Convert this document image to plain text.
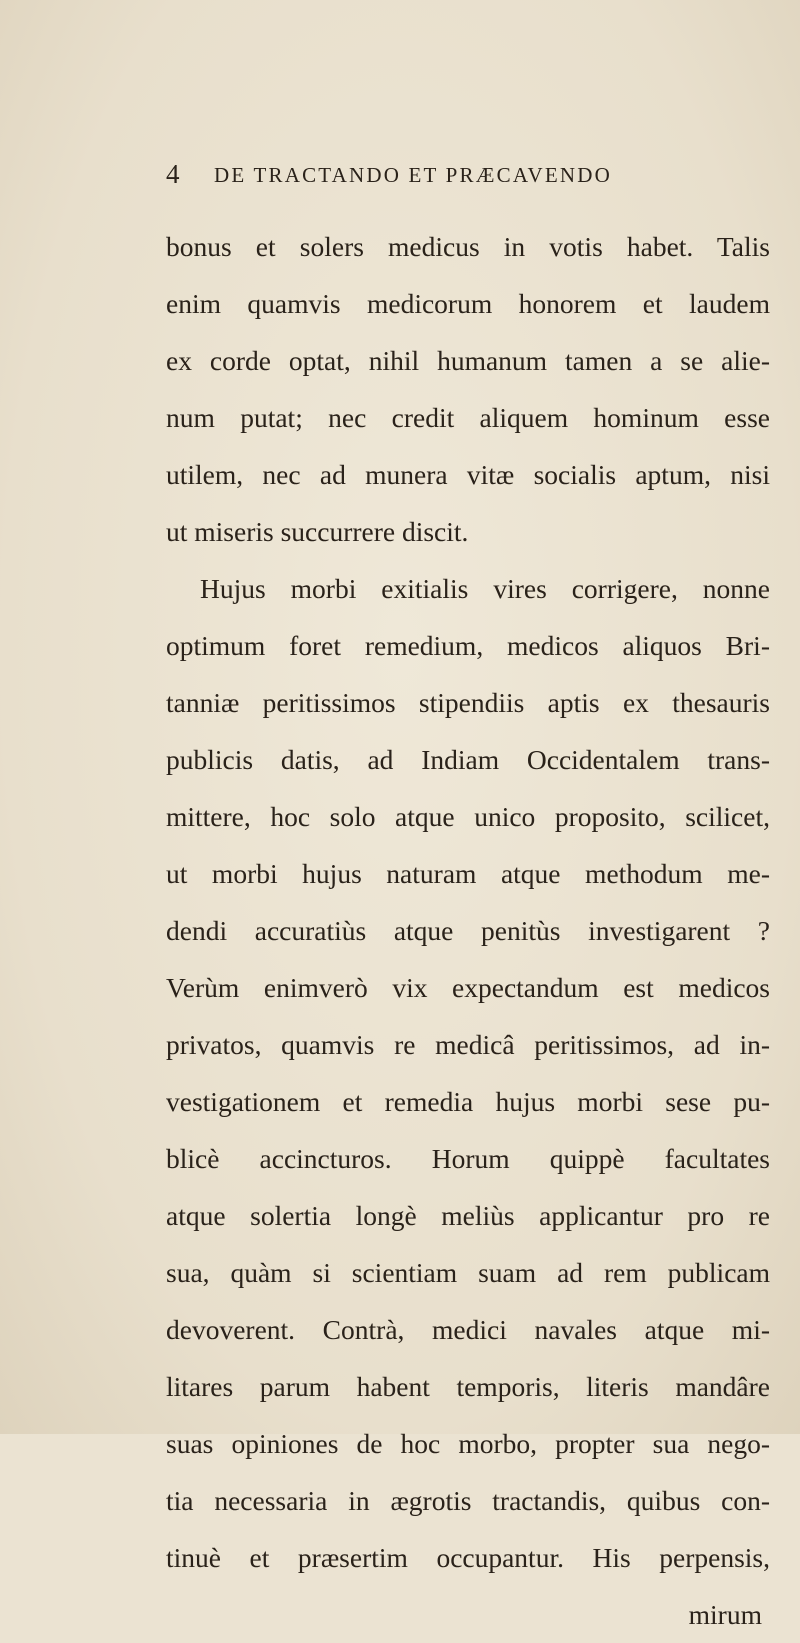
4 DE TRACTANDO ET PRÆCAVENDO
bonus et solers medicus in votis habet. Talis
enim quamvis medicorum honorem et laudem
ex corde optat, nihil humanum tamen a se alie-
num putat; nec credit aliquem hominum esse
utilem, nec ad munera vitæ socialis aptum, nisi
ut miseris succurrere discit.
Hujus morbi exitialis vires corrigere, nonne
optimum foret remedium, medicos aliquos Bri-
tanniæ peritissimos stipendiis aptis ex thesauris
publicis datis, ad Indiam Occidentalem trans-
mittere, hoc solo atque unico proposito, scilicet,
ut morbi hujus naturam atque methodum me-
dendi accuratiùs atque penitùs investigarent ?
Verùm enimverò vix expectandum est medicos
privatos, quamvis re medicâ peritissimos, ad in-
vestigationem et remedia hujus morbi sese pu-
blicè accincturos. Horum quippè facultates
atque solertia longè meliùs applicantur pro re
sua, quàm si scientiam suam ad rem publicam
devoverent. Contrà, medici navales atque mi-
litares parum habent temporis, literis mandâre
suas opiniones de hoc morbo, propter sua nego-
tia necessaria in ægrotis tractandis, quibus con-
tinuè et præsertim occupantur. His perpensis,
mirum
